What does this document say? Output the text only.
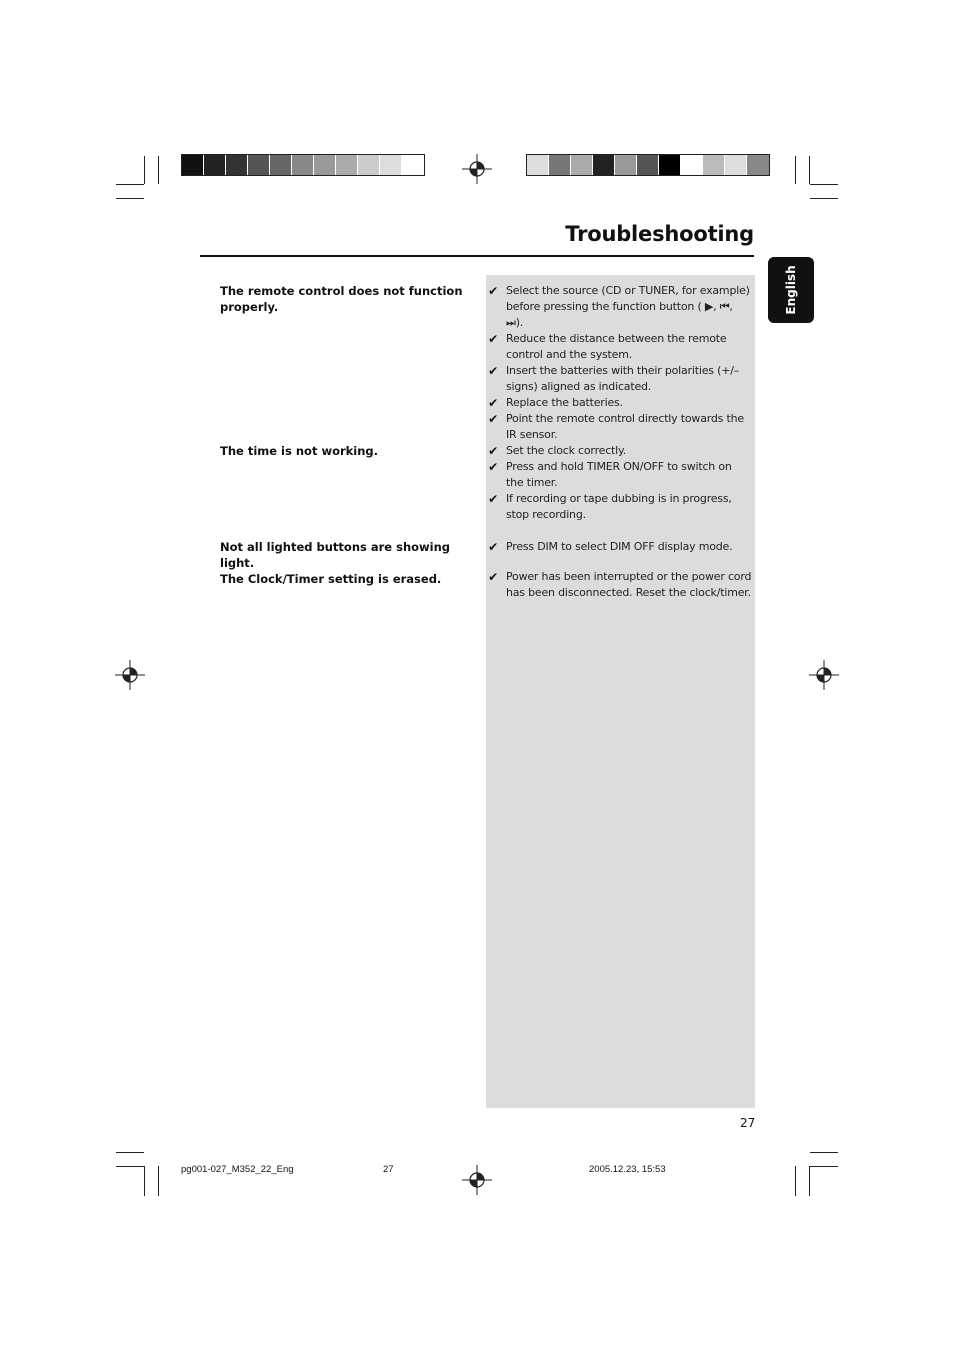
Troubleshooting
English
The remote control does not function properly.
✔ Select the source (CD or TUNER, for example) before pressing the function button ( ▶, ⏮, ⏭).
✔ Reduce the distance between the remote control and the system.
✔ Insert the batteries with their polarities (+/– signs) aligned as indicated.
✔ Replace the batteries.
✔ Point the remote control directly towards the IR sensor.
The time is not working.	✔ Set the clock correctly.
✔ Press and hold TIMER ON/OFF to switch on the timer.
✔ If recording or tape dubbing is in progress, stop recording.
Not all lighted buttons are showing light.
✔ Press DIM to select DIM OFF display mode.
The Clock/Timer setting is erased.	✔ Power has been interrupted or the power cord has been disconnected. Reset the clock/timer.
27
pg001-027_M352_22_Eng	27	2005.12.23, 15:53
